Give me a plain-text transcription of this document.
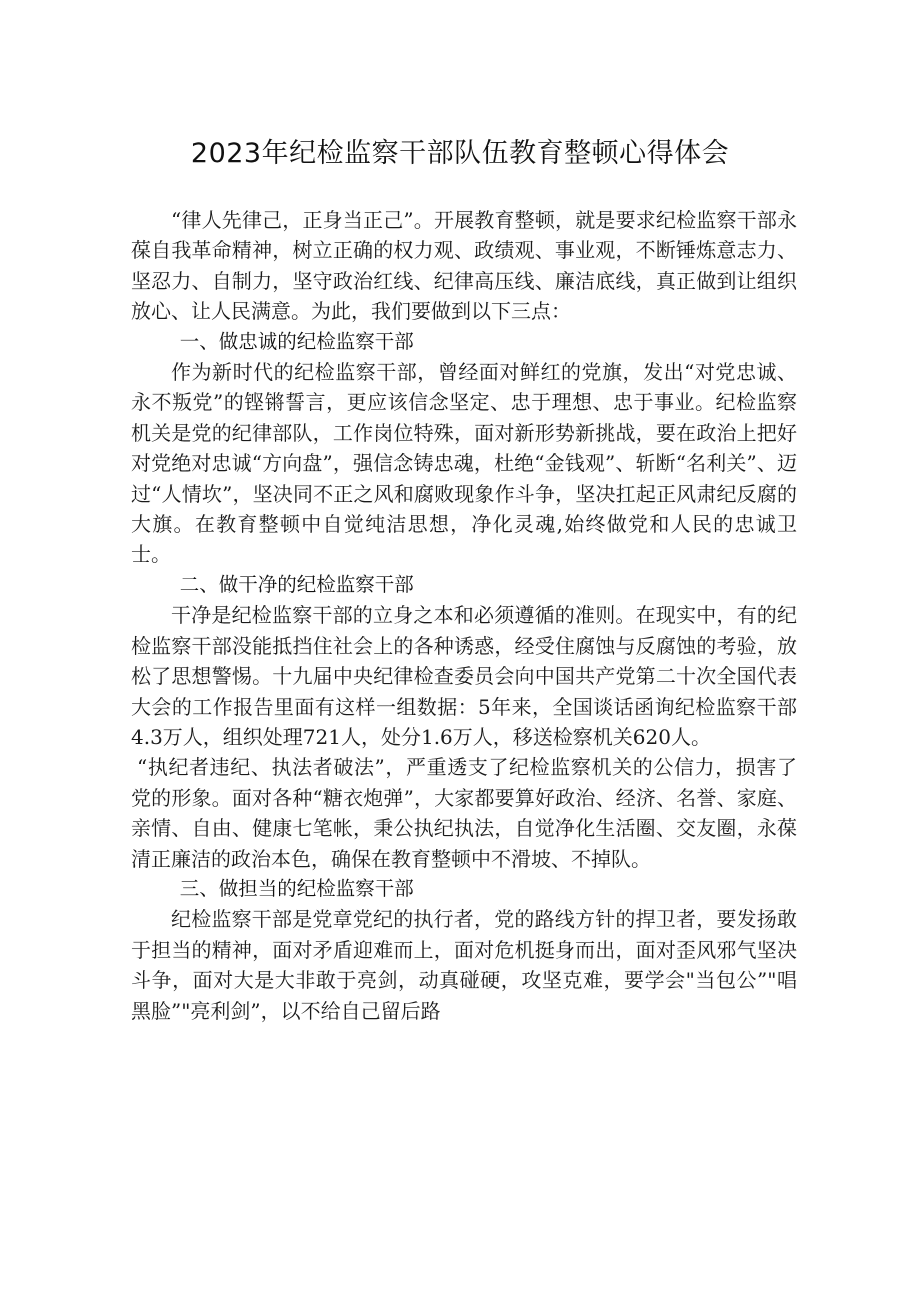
2023年纪检监察干部队伍教育整顿心得体会

“律人先律己，正身当正己”。开展教育整顿，就是要求纪检监察干部永葆自我革命精神，树立正确的权力观、政绩观、事业观，不断锤炼意志力、坚忍力、自制力，坚守政治红线、纪律高压线、廉洁底线，真正做到让组织放心、让人民满意。为此，我们要做到以下三点：

一、做忠诚的纪检监察干部

作为新时代的纪检监察干部，曾经面对鲜红的党旗，发出“对党忠诚、永不叛党”的铿锵誓言，更应该信念坚定、忠于理想、忠于事业。纪检监察机关是党的纪律部队，工作岗位特殊，面对新形势新挑战，要在政治上把好对党绝对忠诚“方向盘”，强信念铸忠魂，杜绝“金钱观”、斩断“名利关”、迈过“人情坎”，坚决同不正之风和腐败现象作斗争，坚决扛起正风肃纪反腐的大旗。在教育整顿中自觉纯洁思想，净化灵魂,始终做党和人民的忠诚卫士。

二、做干净的纪检监察干部

干净是纪检监察干部的立身之本和必须遵循的准则。在现实中，有的纪检监察干部没能抵挡住社会上的各种诱惑，经受住腐蚀与反腐蚀的考验，放松了思想警惕。十九届中央纪律检查委员会向中国共产党第二十次全国代表大会的工作报告里面有这样一组数据：5年来，全国谈话函询纪检监察干部4.3万人，组织处理721人，处分1.6万人，移送检察机关620人。

“执纪者违纪、执法者破法”，严重透支了纪检监察机关的公信力，损害了党的形象。面对各种“糖衣炮弹”，大家都要算好政治、经济、名誉、家庭、亲情、自由、健康七笔帐，秉公执纪执法，自觉净化生活圈、交友圈，永葆清正廉洁的政治本色，确保在教育整顿中不滑坡、不掉队。

三、做担当的纪检监察干部

纪检监察干部是党章党纪的执行者，党的路线方针的捍卫者，要发扬敢于担当的精神，面对矛盾迎难而上，面对危机挺身而出，面对歪风邪气坚决斗争，面对大是大非敢于亮剑，动真碰硬，攻坚克难，要学会"当包公”"唱黑脸”"亮利剑”，以不给自己留后路
